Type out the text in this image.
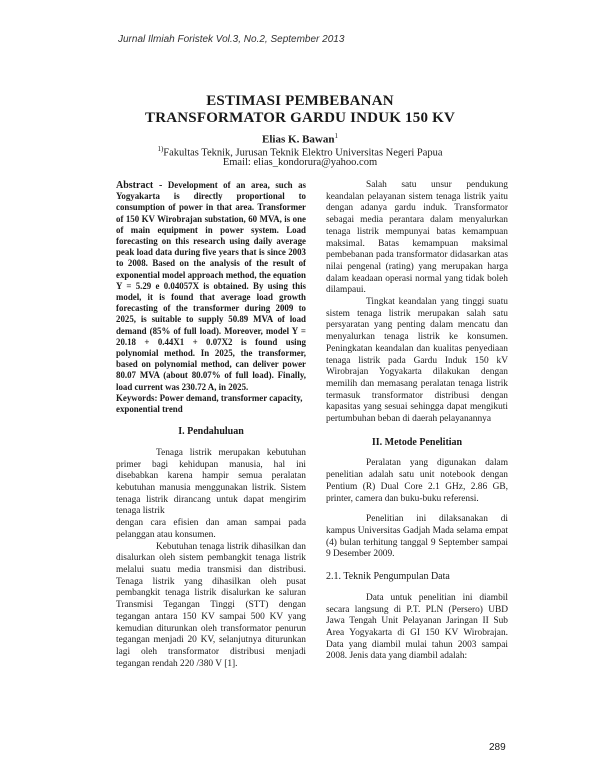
Jurnal Ilmiah Foristek Vol.3, No.2, September 2013
ESTIMASI PEMBEBANAN
TRANSFORMATOR GARDU INDUK 150 KV
Elias K. Bawan$^1$
$^{1)}$Fakultas Teknik, Jurusan Teknik Elektro Universitas Negeri Papua
Email: elias_kondorura@yahoo.com

Abstract - Development of an area, such as Yogyakarta is directly proportional to consumption of power in that area. Transformer of 150 KV Wirobrajan substation, 60 MVA, is one of main equipment in power system. Load forecasting on this research using daily average peak load data during five years that is since 2003 to 2008. Based on the analysis of the result of exponential model approach method, the equation Y = 5.29 e 0.04057X is obtained. By using this model, it is found that average load growth forecasting of the transformer during 2009 to 2025, is suitable to supply 50.89 MVA of load demand (85% of full load). Moreover, model Y = 20.18 + 0.44X1 + 0.07X2 is found using polynomial method. In 2025, the transformer, based on polynomial method, can deliver power 80.07 MVA (about 80.07% of full load). Finally, load current was 230.72 A, in 2025.

Keywords: Power demand, transformer capacity, exponential trend

I. Pendahuluan

Tenaga listrik merupakan kebutuhan primer bagi kehidupan manusia, hal ini disebabkan karena hampir semua peralatan kebutuhan manusia menggunakan listrik. Sistem tenaga listrik dirancang untuk dapat mengirim tenaga listrik

dengan cara efisien dan aman sampai pada pelanggan atau konsumen.

Kebutuhan tenaga listrik dihasilkan dan disalurkan oleh sistem pembangkit tenaga listrik melalui suatu media transmisi dan distribusi. Tenaga listrik yang dihasilkan oleh pusat pembangkit tenaga listrik disalurkan ke saluran Transmisi Tegangan Tinggi (STT) dengan tegangan antara 150 KV sampai 500 KV yang kemudian diturunkan oleh transformator penurun tegangan menjadi 20 KV, selanjutnya diturunkan lagi oleh transformator distribusi menjadi tegangan rendah 220 /380 V [1].

Salah satu unsur pendukung keandalan pelayanan sistem tenaga listrik yaitu dengan adanya gardu induk. Transformator sebagai media perantara dalam menyalurkan tenaga listrik mempunyai batas kemampuan maksimal. Batas kemampuan maksimal pembebanan pada transformator didasarkan atas nilai pengenal (rating) yang merupakan harga dalam keadaan operasi normal yang tidak boleh dilampaui.

Tingkat keandalan yang tinggi suatu sistem tenaga listrik merupakan salah satu persyaratan yang penting dalam mencatu dan menyalurkan tenaga listrik ke konsumen. Peningkatan keandalan dan kualitas penyediaan tenaga listrik pada Gardu Induk 150 kV Wirobrajan Yogyakarta dilakukan dengan memilih dan memasang peralatan tenaga listrik termasuk transformator distribusi dengan kapasitas yang sesuai sehingga dapat mengikuti pertumbuhan beban di daerah pelayanannya

II. Metode Penelitian

Peralatan yang digunakan dalam penelitian adalah satu unit notebook dengan Pentium (R) Dual Core 2.1 GHz, 2.86 GB, printer, camera dan buku-buku referensi.

Penelitian ini dilaksanakan di kampus Universitas Gadjah Mada selama empat (4) bulan terhitung tanggal 9 September sampai 9 Desember 2009.

2.1. Teknik Pengumpulan Data

Data untuk penelitian ini diambil secara langsung di P.T. PLN (Persero) UBD Jawa Tengah Unit Pelayanan Jaringan II Sub Area Yogyakarta di GI 150 KV Wirobrajan. Data yang diambil mulai tahun 2003 sampai 2008. Jenis data yang diambil adalah:

289
